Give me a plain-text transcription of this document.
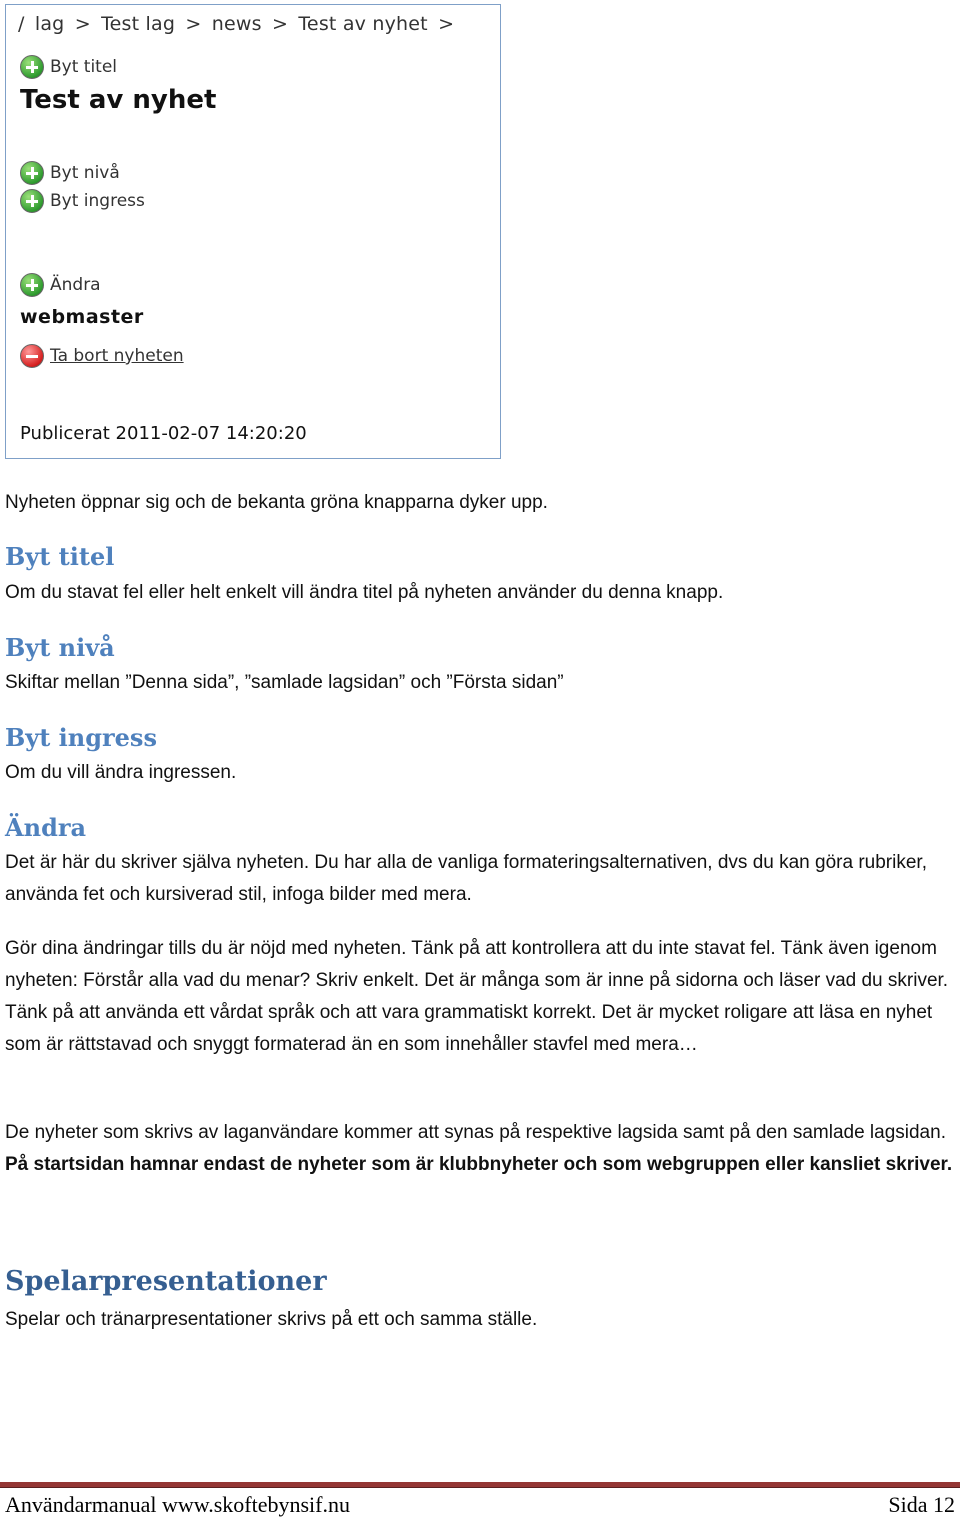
/ lag > Test lag > news > Test av nyhet >
Byt titel
Test av nyhet
Byt nivå
Byt ingress
Ändra
webmaster
Ta bort nyheten
Publicerat 2011-02-07 14:20:20
Nyheten öppnar sig och de bekanta gröna knapparna dyker upp.
Byt titel
Om du stavat fel eller helt enkelt vill ändra titel på nyheten använder du denna knapp.
Byt nivå
Skiftar mellan ”Denna sida”, ”samlade lagsidan” och ”Första sidan”
Byt ingress
Om du vill ändra ingressen.
Ändra
Det är här du skriver själva nyheten. Du har alla de vanliga formateringsalternativen, dvs du kan göra rubriker, använda fet och kursiverad stil, infoga bilder med mera.
Gör dina ändringar tills du är nöjd med nyheten. Tänk på att kontrollera att du inte stavat fel. Tänk även igenom nyheten: Förstår alla vad du menar? Skriv enkelt. Det är många som är inne på sidorna och läser vad du skriver. Tänk på att använda ett vårdat språk och att vara grammatiskt korrekt. Det är mycket roligare att läsa en nyhet som är rättstavad och snyggt formaterad än en som innehåller stavfel med mera…
De nyheter som skrivs av laganvändare kommer att synas på respektive lagsida samt på den samlade lagsidan. På startsidan hamnar endast de nyheter som är klubbnyheter och som webgruppen eller kansliet skriver.
Spelarpresentationer
Spelar och tränarpresentationer skrivs på ett och samma ställe.
Användarmanual www.skoftebynsif.nu	Sida 12
